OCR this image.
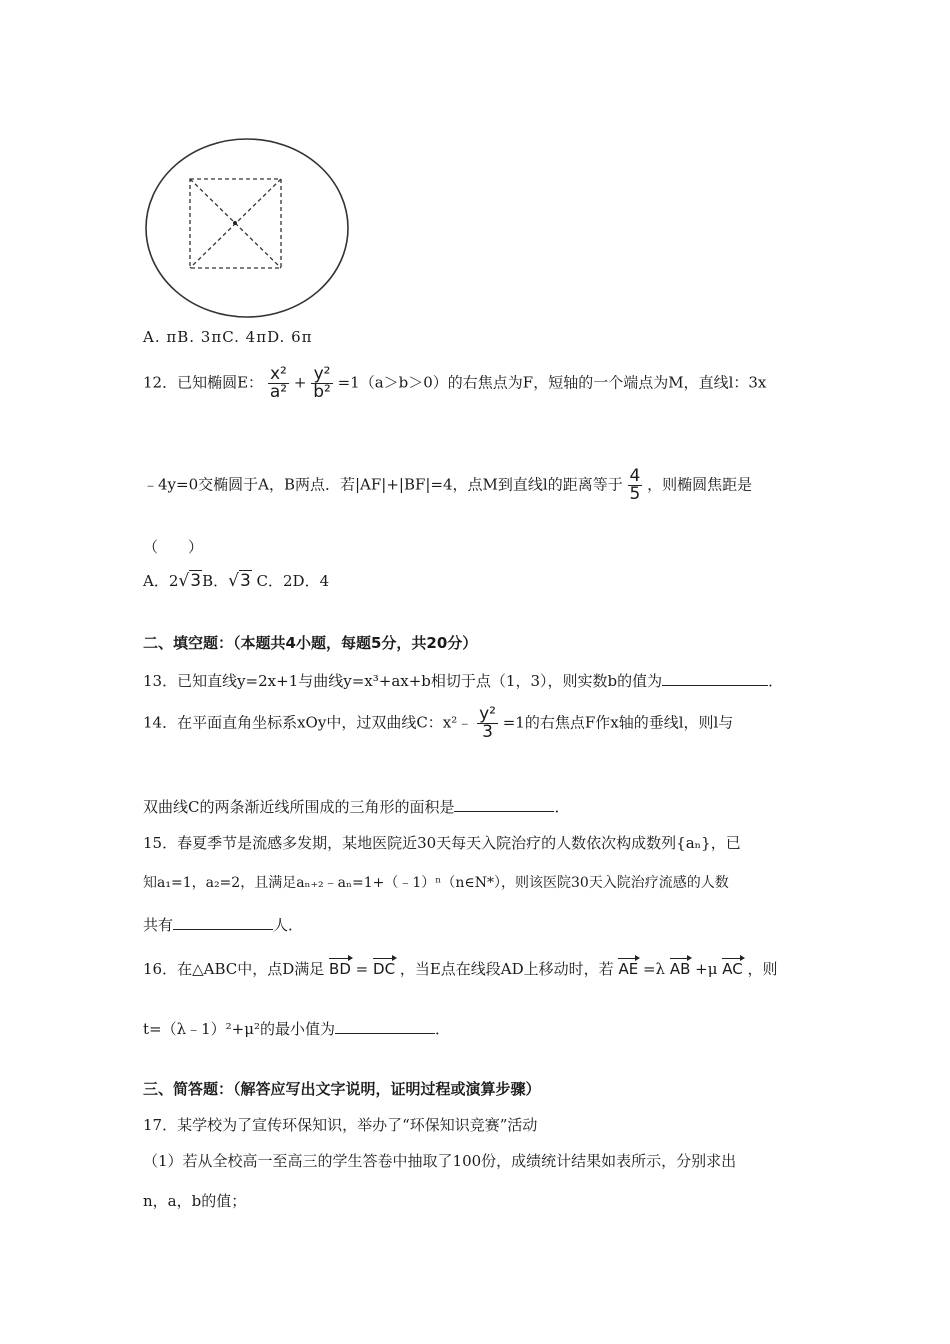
A. πB. 3πC. 4πD. 6π
12．已知椭圆E： $\frac{\text{x²}}{\text{a²}} + \frac{\text{y²}}{\text{b²}} =1(a>b>0)$的右焦点为F，短轴的一个端点为M，直线l：3x
﹣4y=0交椭圆于A，B两点．若|AF|+|BF|=4，点M到直线l的距离等于 $\frac{4}{5}$ ，则椭圆焦距是
（　　）
A．2√3B．√3 C．2D．4
二、填空题：（本题共4小题，每题5分，共20分）
13．已知直线y=2x+1与曲线y=x³+ax+b相切于点（1，3），则实数b的值为	．
14．在平面直角坐标系xOy中，过双曲线C：x²﹣ $\frac{\text{y²}}{3} =1$的右焦点F作x轴的垂线l，则l与
双曲线C的两条渐近线所围成的三角形的面积是	．
15．春夏季节是流感多发期，某地医院近30天每天入院治疗的人数依次构成数列{aₙ}，已
知a₁=1，a₂=2，且满足aₙ₊₂﹣aₙ=1+（﹣1）ⁿ（n∈N*），则该医院30天入院治疗流感的人数
共有	人．
16．在△ABC中，点D满足 BD = DC ，当E点在线段AD上移动时，若 AE =λ AB +μ AC ，则
t=（λ﹣1）²+μ²的最小值为	．
三、简答题：（解答应写出文字说明，证明过程或演算步骤）
17．某学校为了宣传环保知识，举办了“环保知识竞赛”活动
（1）若从全校高一至高三的学生答卷中抽取了100份，成绩统计结果如表所示，分别求出
n，a，b的值；
